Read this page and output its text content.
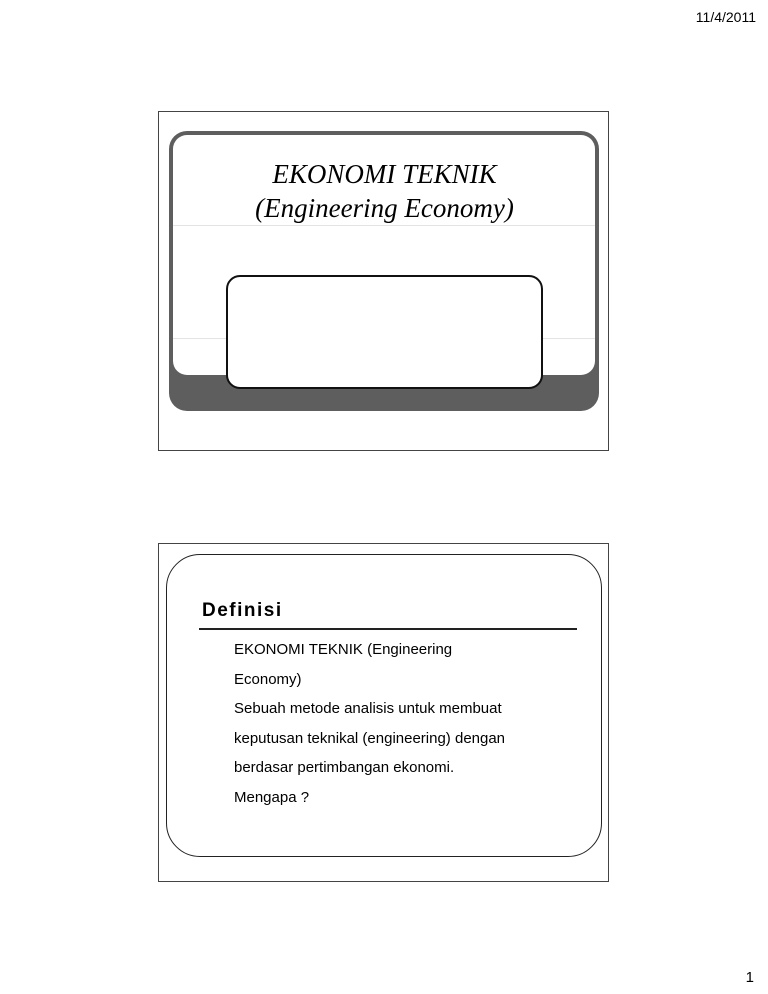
11/4/2011
EKONOMI TEKNIK
(Engineering Economy)
Definisi
EKONOMI TEKNIK (Engineering
Economy)
Sebuah metode analisis untuk membuat
keputusan teknikal (engineering) dengan
berdasar pertimbangan ekonomi.
Mengapa ?
1
